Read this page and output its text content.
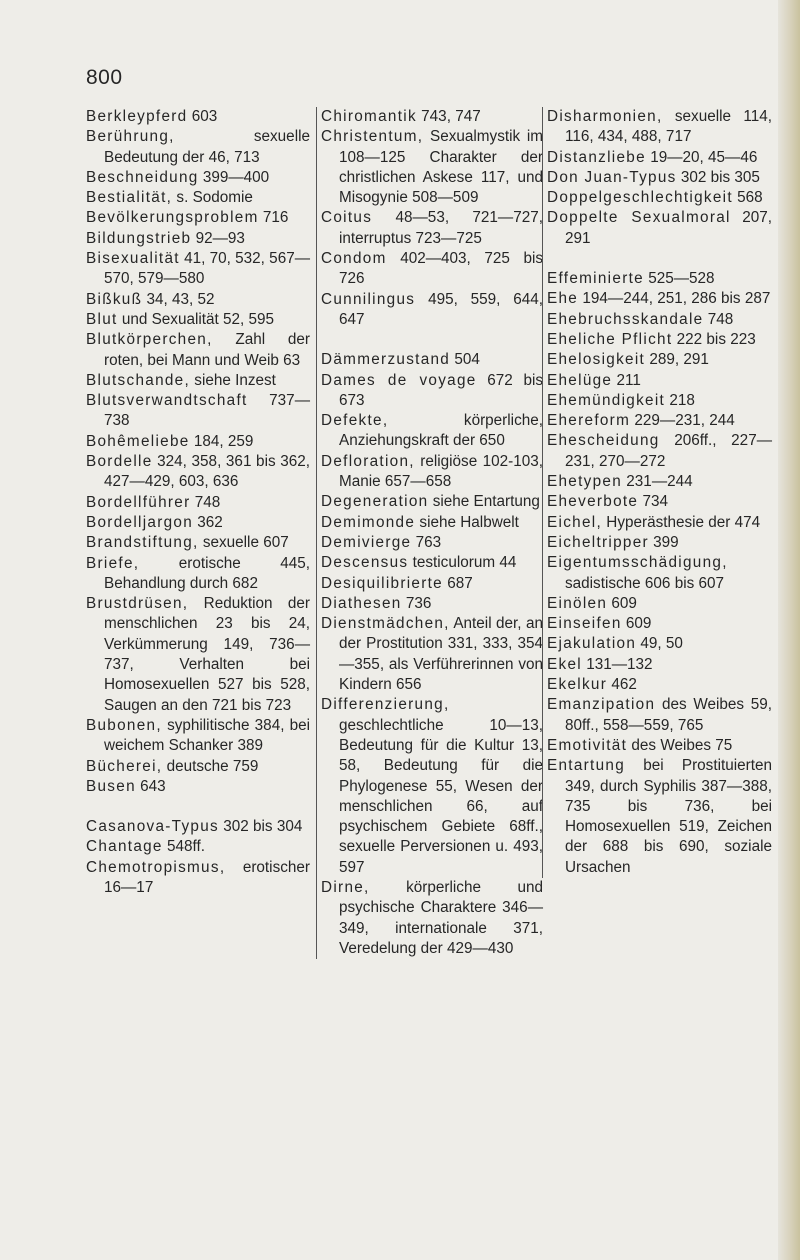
800

Berkleypferd 603

Berührung,	sexuelle Bedeutung der 46, 713

Beschneidung 399—400

Bestialität, s. Sodomie

Bevölkerungsproblem 716

Bildungstrieb 92—93

Bisexualität 41, 70, 532, 567—570, 579—580

Bißkuß 34, 43, 52

Blut und Sexualität 52, 595

Blutkörperchen, Zahl der roten, bei Mann und Weib 63

Blutschande, siehe Inzest

Blutsverwandtschaft 737—738

Bohêmeliebe 184, 259

Bordelle 324, 358, 361 bis 362, 427—429, 603, 636

Bordellführer 748

Bordelljargon 362

Brandstiftung, sexuelle 607

Briefe,	erotische 445, Behandlung durch 682

Brustdrüsen, Reduktion der menschlichen 23 bis 24, Verkümmerung 149, 736—737, Verhalten bei Homosexuellen 527 bis 528, Saugen an den 721 bis 723

Bubonen, syphilitische 384, bei weichem Schanker 389

Bücherei, deutsche 759

Busen 643

Casanova-Typus 302 bis 304

Chantage 548ff.

Chemotropismus, erotischer 16—17

Chiromantik 743, 747

Christentum, Sexualmystik im 108—125 Charakter der christlichen Askese 117, und Misogynie 508—509

Coitus 48—53, 721—727, interruptus 723—725

Condom 402—403, 725 bis 726

Cunnilingus 495, 559, 644, 647

Dämmerzustand 504

Dames de voyage 672 bis 673

Defekte,	körperliche, Anziehungskraft der 650

Defloration, religiöse 102-103, Manie 657—658

Degeneration siehe Entartung

Demimonde siehe Halbwelt

Demivierge 763

Descensus testiculorum 44

Desiquilibrierte 687

Diathesen 736

Dienstmädchen, Anteil der, an der Prostitution 331, 333, 354—355, als Verführerinnen von Kindern 656

Differenzierung, geschlechtliche 10—13, Bedeutung für die Kultur 13, 58, Bedeutung für die Phylogenese 55, Wesen der menschlichen 66, auf psychischem Gebiete 68ff., sexuelle Perversionen u. 493, 597

Dirne, körperliche und psychische Charaktere 346—349, internationale 371, Veredelung der 429—430

Disharmonien, sexuelle 114, 116, 434, 488, 717

Distanzliebe 19—20, 45—46

Don Juan-Typus 302 bis 305

Doppelgeschlechtigkeit 568

Doppelte Sexualmoral 207, 291

Effeminierte 525—528

Ehe 194—244, 251, 286 bis 287

Ehebruchsskandale 748

Eheliche Pflicht 222 bis 223

Ehelosigkeit 289, 291

Ehelüge 211

Ehemündigkeit 218

Ehereform 229—231, 244

Ehescheidung 206ff., 227—231, 270—272

Ehetypen 231—244

Eheverbote 734

Eichel, Hyperästhesie der 474

Eicheltripper 399

Eigentumsschädigung, sadistische 606 bis 607

Einölen 609

Einseifen 609

Ejakulation 49, 50

Ekel 131—132

Ekelkur 462

Emanzipation des Weibes 59, 80ff., 558—559, 765

Emotivität des Weibes 75

Entartung bei Prostituierten 349, durch Syphilis 387—388, 735 bis 736, bei Homosexuellen 519, Zeichen der 688 bis 690, soziale Ursachen
